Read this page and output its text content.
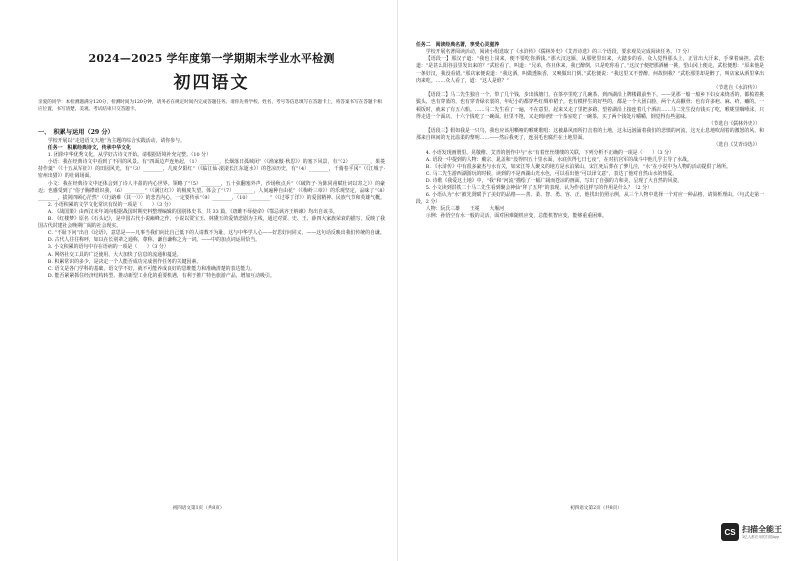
2024—2025 学年度第一学期期末学业水平检测
初四语文
亲爱的同学：本检测题满分120分，检测时间为120分钟，请务必在规定时间内完成答题任务。请你先将学校、姓名、考号等信息填写在答题卡上，将答案书写在答题卡相应位置，书写清楚、美观。考试结束只交答题卡。
一、　积累与运用（29 分）

学校开展以“走进语文天地”为主题的综合实践活动，请你参与。

任务一　积累经典诗文，传承中华文化

1. 团徐中华优秀文化，从学好古诗文开始。请根据语境补充完整。（10 分）

小语：我在经典诗文中看到了不同的风景。有“四面边声连角起，（1）________，长烟落日孤城闭”（《渔家傲·秋思》）的塞下风景，有“（2）________，果菱持作羹”（《十五从军征》）的田园风光，有“（3）________，几度夕阳红”（《临江仙·滚滚长江东逝水》）的苍凉历史，有“（4）________，千骑卷平冈”（《江城子·密州出猎》）的壮阔场面。

小文：我在经典诗文中还体会到了诗人丰盈的内心世界。领略了“（5）________，五十弦翻塞外声，沙场秋点兵”（《破阵子·为陈同甫赋壮词以寄之》）的豪迈；也感受到了“俗子胸襟谁识我，（6）________”（《满江红》）的极度失望。体会了“（7）________，人间遍种自由花”（《梅岭三章》）的乐观坚定，品味了“（8）________，拔剑四顾心茫然”（《行路难（其一）》）的悲苦内心，一定要传承“（9）________，（10）________”（《过零丁洋》）的爱国精神、民族气节和英雄气概。

2. 小语积累的文学文化常识有误的一项是（　　）（3 分）

A. 《战国策》由西汉末年刘向根据战国时期史料整理编辑的国别体史书，共 33 篇，《唐雎不辱使命》《鄂忌讽齐王纳谏》均出自该书。

B. 《红楼梦》原名《石头记》，是中国古代小说巅峰之作，小说以贾宝玉、林黛玉的爱情悲剧为主线，通过对贾、史、王、薛四大家族荣衰的描写，反映了我国古代封建社会晚期广阔的社会现实。

C. “不耻下问”出自《论语》，意思是——凡事当我们向比自己低下的人请教不为耻，这与中华学人心——好思好问同义，——这句话反映出我们传统的自谦。

D. 古代人往往称呼，如以在长别辈之通称，尊称，谦自谦称之为一词。——中的加点词运用恰当。

3. 小文积累的语句中存在语病的一项是（　　）（3 分）

A. 网络社交工具的广泛使用，大大加快了信息的流通和蔓延。

B. 积累常识的多少，是决定一个人能否成功完成创作任务的关键因素。

C. 语文是各门学科的基础，语文学不好，就不可能养成良好的思维能力和准确清楚的表达能力。

D. 能否紧紧抓住经济结构转型、推动新型工业化的重要机遇，有利于推广特色旅游产品，增加互动吸引。

初四语文第1页（共8页）

任务二　阅读经典名著，享受心灵滋养

学校开展名著阅读活动，阅读小组选取了《水浒传》《儒林外史》《艾青诗选》的三个语段，要求观员完成阅读任务。（7 分）

【语段一】那汉子道：“我也上岗来，便不要吃你酒钱。”那大汉这厮，从那壁里出来，大踏步的看，众人觉得那头上，正冒出大汗来，手拿着扁担。武松道：“是甚么阳谷县里发出来的？”武松看了，叫道：“兄弟，你且休来，我已醉倒，只是吃你看了。”这汉子便把那酒桶一挑，望山冈上便走。武松便想：“原来他是一条好汉，我没看错。”那店家便说道：“我这酒，叫做透瓶香，又唤做出门倒。”武松便说：“我这里又不曾醉，何故倒我？”武松那里却是醉了，叫店家从酒里拿出肉来吃。……众人看了，道：“这人是谁？”

（节选自《水浒传》）

【语段二】马二先生独自一个，带了几个钱，步出钱塘门，在茶亭里吃了几碗茶，到西湖沿上牌楼跟前坐下。——见那一船一船乡下妇女来烧香的，都梳着挑鬓头，也有穿蓝的，也有穿青绿衣裳的，年纪小的都穿些红绸单裙子。也有模样生的好些的，都是一个大团白脸，两个大高颧骨；也有许多疤、麻、疥、癞的。一顿饭时，就来了有五六船。……马二先生看了一遍，不在意里。起来又走了里把多路，望着湖沿上接连着几个酒店……马二先生没有钱买了吃，喉咙里咽唾沫，只得走进一个面店，十六个钱吃了一碗面。肚里不饱，又走到间壁一个茶室吃了一碗茶，买了两个钱处片嚼嚼，倒觉得有些滋味。

（节选自《儒林外史》）

【语段三】假如我是一只鸟，我也应该用嘶哑的喉咙歌唱：这被暴风雨所打击着的土地，这永远汹涌着我们的悲愤的河流，这无止息地吹刮着的激怒的风，和那来自林间的无比温柔的黎明……——然后我死了，连羽毛也腐烂在土地里面。

（选自《艾青诗选》）

4. 小语发现画册里、晃敬稚、艾青的创作中与“水”有着丝丝缕缕的关联，下列分析不正确的一项是（　　）（3 分）

A. 语段一中提到的人物：戴宗、晁盖和“没得四五十里水面，水底伏得七日七夜”，在对抗宫军的战斗中他几乎主导了水战。

B. 《水浒传》中有很多豪杰与水有关，如宋江等人聚义的地方是水泊梁山，宋江死后葬在了蓼儿洼，“水”在小说中为人物的活动提供了场所。

C. 马二先生游西湖游玩的时候，读到的不是西湖山光水色，可以看出他“可以译文意”，表达了他对自然山水的热爱。

D. 诗歌《我爱这土地》中，“我”和“河流”描绘了一幅广阔而苍凉的画面，写出了自强的力和美，呈现了大自然的风姿。

5. 小文读到洪铁二十马二先生看到聚会神仙“拜了五拜”的表现，认为作者这样写的作用是什么？（2 分）

6. 小语认为“水”被先贤赋予了美好的品格——善、柔、智、勇、容、正，他找出仿照示例，从三个人物中选择一个对应一种品格，请简析理由。（句式走第一段，2 分）

人物：阮氏三雄　　王冕　　大堰河

示例：孙悟空有水一般的灵活，面对困难随机应变，总能机智应变，能够重重困难。

初四语文第2页（共8页）
CS 扫描全能王
3亿人都在用的扫描App
